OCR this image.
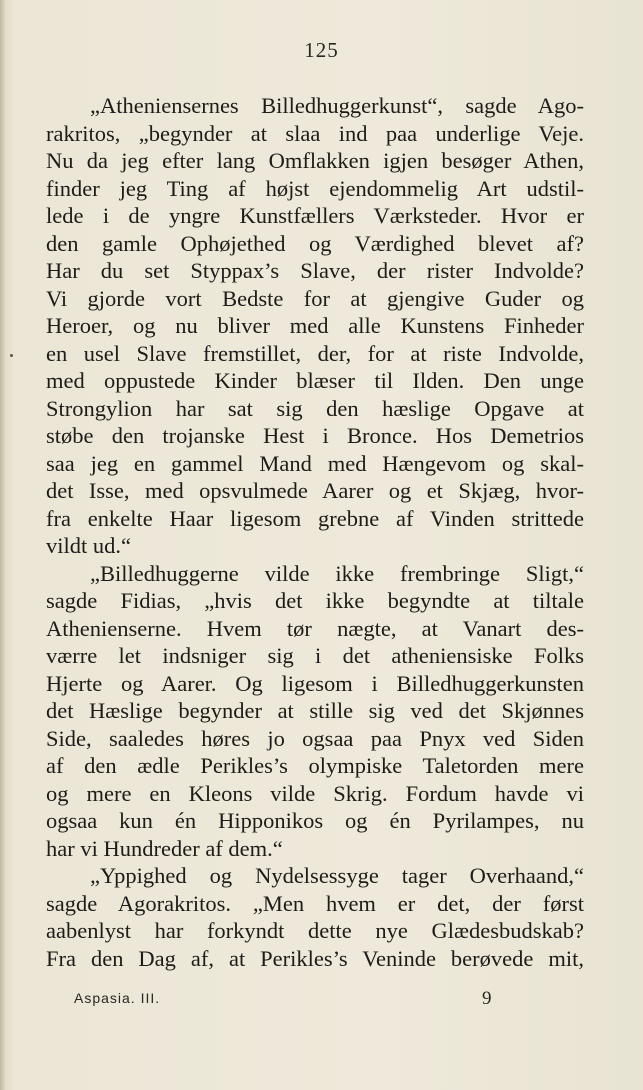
125
„Atheniensernes Billedhuggerkunst“, sagde Ago-
rakritos, „begynder at slaa ind paa underlige Veje.
Nu da jeg efter lang Omflakken igjen besøger Athen,
finder jeg Ting af højst ejendommelig Art udstil-
lede i de yngre Kunstfællers Værksteder. Hvor er
den gamle Ophøjethed og Værdighed blevet af?
Har du set Styppax’s Slave, der rister Indvolde?
Vi gjorde vort Bedste for at gjengive Guder og
Heroer, og nu bliver med alle Kunstens Finheder
en usel Slave fremstillet, der, for at riste Indvolde,
med oppustede Kinder blæser til Ilden. Den unge
Strongylion har sat sig den hæslige Opgave at
støbe den trojanske Hest i Bronce. Hos Demetrios
saa jeg en gammel Mand med Hængevom og skal-
det Isse, med opsvulmede Aarer og et Skjæg, hvor-
fra enkelte Haar ligesom grebne af Vinden strittede
vildt ud.“
„Billedhuggerne vilde ikke frembringe Sligt,“
sagde Fidias, „hvis det ikke begyndte at tiltale
Athenienserne. Hvem tør nægte, at Vanart des-
værre let indsniger sig i det atheniensiske Folks
Hjerte og Aarer. Og ligesom i Billedhuggerkunsten
det Hæslige begynder at stille sig ved det Skjønnes
Side, saaledes høres jo ogsaa paa Pnyx ved Siden
af den ædle Perikles’s olympiske Taletorden mere
og mere en Kleons vilde Skrig. Fordum havde vi
ogsaa kun én Hipponikos og én Pyrilampes, nu
har vi Hundreder af dem.“
„Yppighed og Nydelsessyge tager Overhaand,“
sagde Agorakritos. „Men hvem er det, der først
aabenlyst har forkyndt dette nye Glædesbudskab?
Fra den Dag af, at Perikles’s Veninde berøvede mit,
Aspasia. III.	9
